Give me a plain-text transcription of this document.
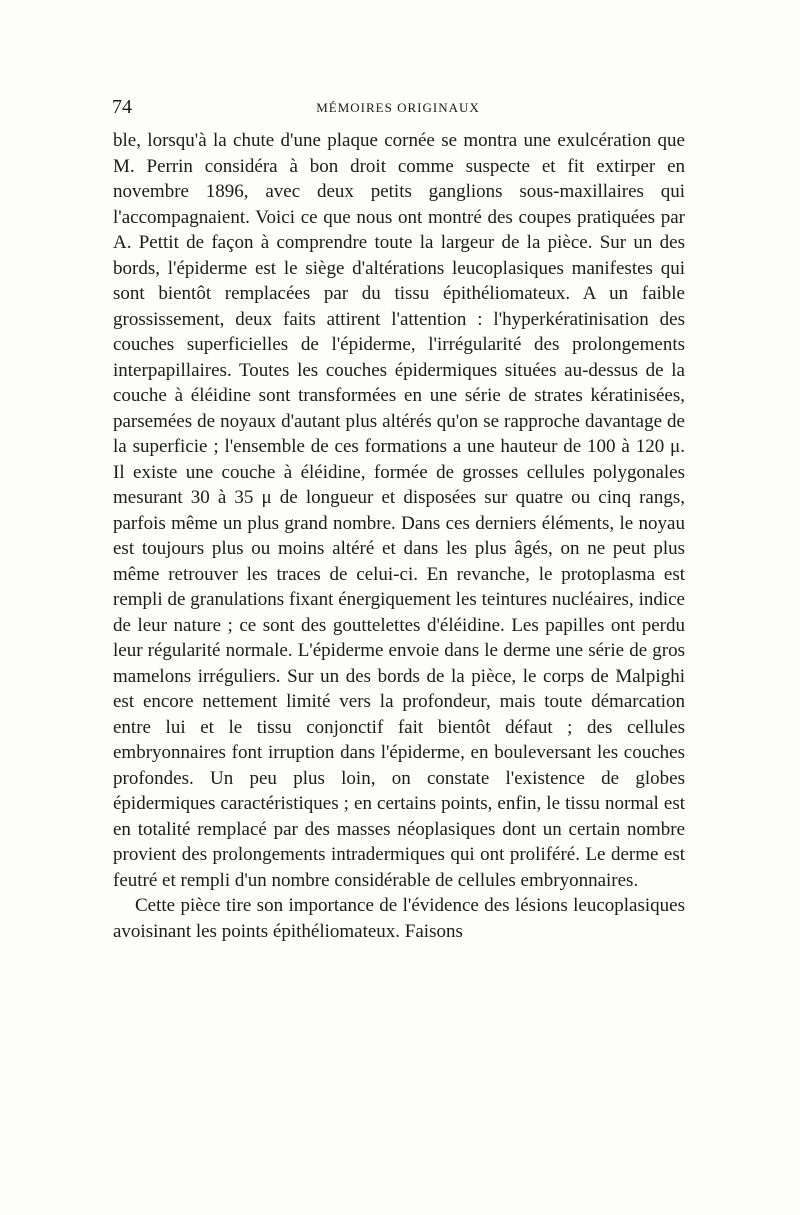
74	MÉMOIRES ORIGINAUX

ble, lorsqu'à la chute d'une plaque cornée se montra une exulcération que M. Perrin considéra à bon droit comme suspecte et fit extirper en novembre 1896, avec deux petits ganglions sous-maxillaires qui l'accompagnaient. Voici ce que nous ont montré des coupes pratiquées par A. Pettit de façon à comprendre toute la largeur de la pièce. Sur un des bords, l'épiderme est le siège d'altérations leucoplasiques manifestes qui sont bientôt remplacées par du tissu épithéliomateux. A un faible grossissement, deux faits attirent l'attention : l'hyperkératinisation des couches superficielles de l'épiderme, l'irrégularité des prolongements interpapillaires. Toutes les couches épidermiques situées au-dessus de la couche à éléidine sont transformées en une série de strates kératinisées, parsemées de noyaux d'autant plus altérés qu'on se rapproche davantage de la superficie ; l'ensemble de ces formations a une hauteur de 100 à 120 μ. Il existe une couche à éléidine, formée de grosses cellules polygonales mesurant 30 à 35 μ de longueur et disposées sur quatre ou cinq rangs, parfois même un plus grand nombre. Dans ces derniers éléments, le noyau est toujours plus ou moins altéré et dans les plus âgés, on ne peut plus même retrouver les traces de celui-ci. En revanche, le protoplasma est rempli de granulations fixant énergiquement les teintures nucléaires, indice de leur nature ; ce sont des gouttelettes d'éléidine. Les papilles ont perdu leur régularité normale. L'épiderme envoie dans le derme une série de gros mamelons irréguliers. Sur un des bords de la pièce, le corps de Malpighi est encore nettement limité vers la profondeur, mais toute démarcation entre lui et le tissu conjonctif fait bientôt défaut ; des cellules embryonnaires font irruption dans l'épiderme, en bouleversant les couches profondes. Un peu plus loin, on constate l'existence de globes épidermiques caractéristiques ; en certains points, enfin, le tissu normal est en totalité remplacé par des masses néoplasiques dont un certain nombre provient des prolongements intradermiques qui ont proliféré. Le derme est feutré et rempli d'un nombre considérable de cellules embryonnaires.

Cette pièce tire son importance de l'évidence des lésions leucoplasiques avoisinant les points épithéliomateux. Faisons
